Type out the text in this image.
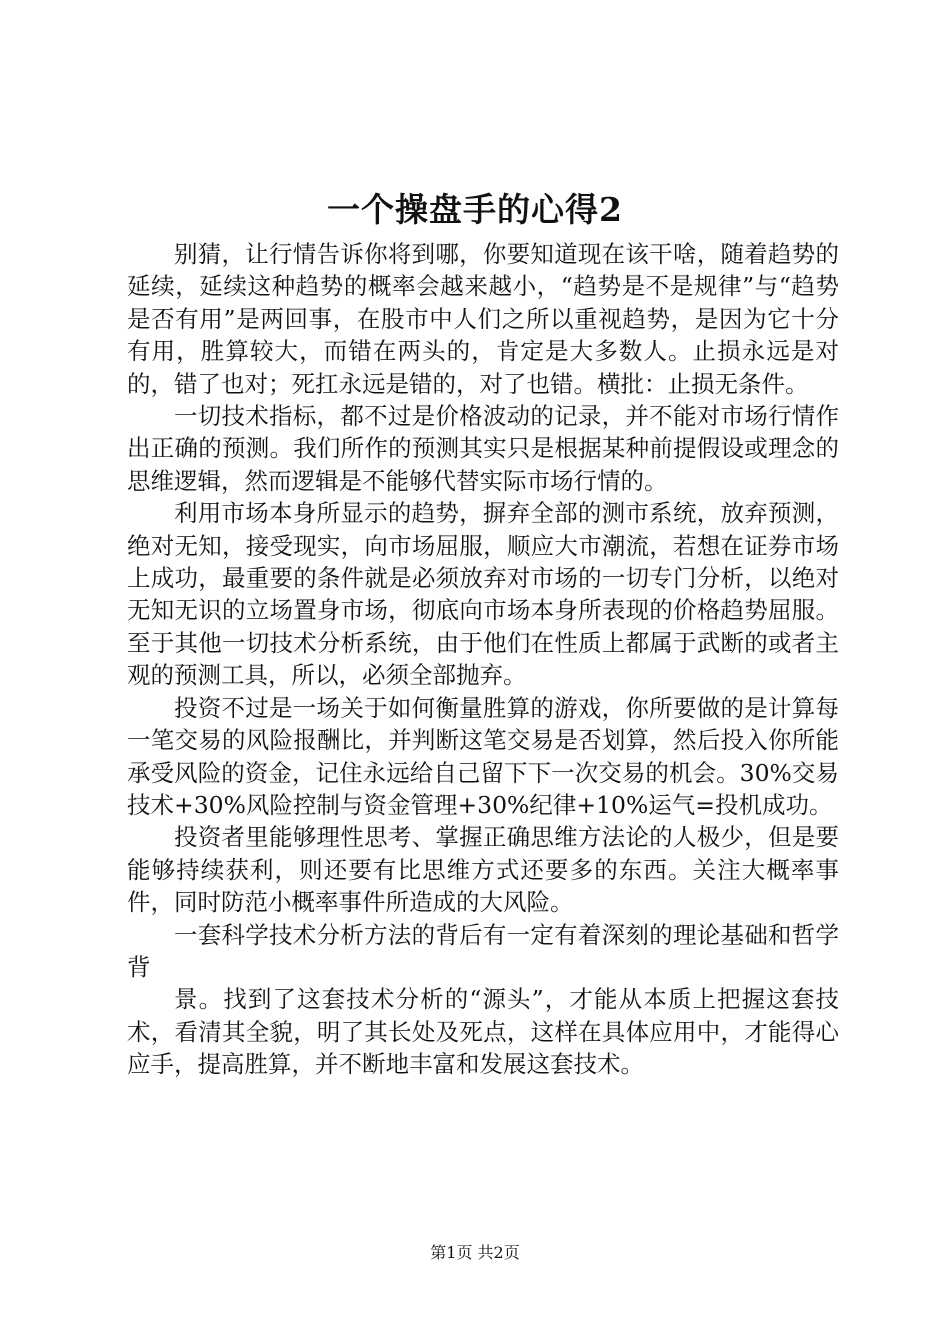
一个操盘手的心得2

别猜，让行情告诉你将到哪，你要知道现在该干啥，随着趋势的延续，延续这种趋势的概率会越来越小，“趋势是不是规律”与“趋势是否有用”是两回事，在股市中人们之所以重视趋势，是因为它十分有用，胜算较大，而错在两头的，肯定是大多数人。止损永远是对的，错了也对；死扛永远是错的，对了也错。横批：止损无条件。

一切技术指标，都不过是价格波动的记录，并不能对市场行情作出正确的预测。我们所作的预测其实只是根据某种前提假设或理念的思维逻辑，然而逻辑是不能够代替实际市场行情的。

利用市场本身所显示的趋势，摒弃全部的测市系统，放弃预测，绝对无知，接受现实，向市场屈服，顺应大市潮流，若想在证券市场上成功，最重要的条件就是必须放弃对市场的一切专门分析，以绝对无知无识的立场置身市场，彻底向市场本身所表现的价格趋势屈服。至于其他一切技术分析系统，由于他们在性质上都属于武断的或者主观的预测工具，所以，必须全部抛弃。

投资不过是一场关于如何衡量胜算的游戏，你所要做的是计算每一笔交易的风险报酬比，并判断这笔交易是否划算，然后投入你所能承受风险的资金，记住永远给自己留下下一次交易的机会。30%交易技术+30%风险控制与资金管理+30%纪律+10%运气=投机成功。

投资者里能够理性思考、掌握正确思维方法论的人极少，但是要能够持续获利，则还要有比思维方式还要多的东西。关注大概率事件，同时防范小概率事件所造成的大风险。

一套科学技术分析方法的背后有一定有着深刻的理论基础和哲学背

景。找到了这套技术分析的“源头”，才能从本质上把握这套技术，看清其全貌，明了其长处及死点，这样在具体应用中，才能得心应手，提高胜算，并不断地丰富和发展这套技术。

第1页 共2页
